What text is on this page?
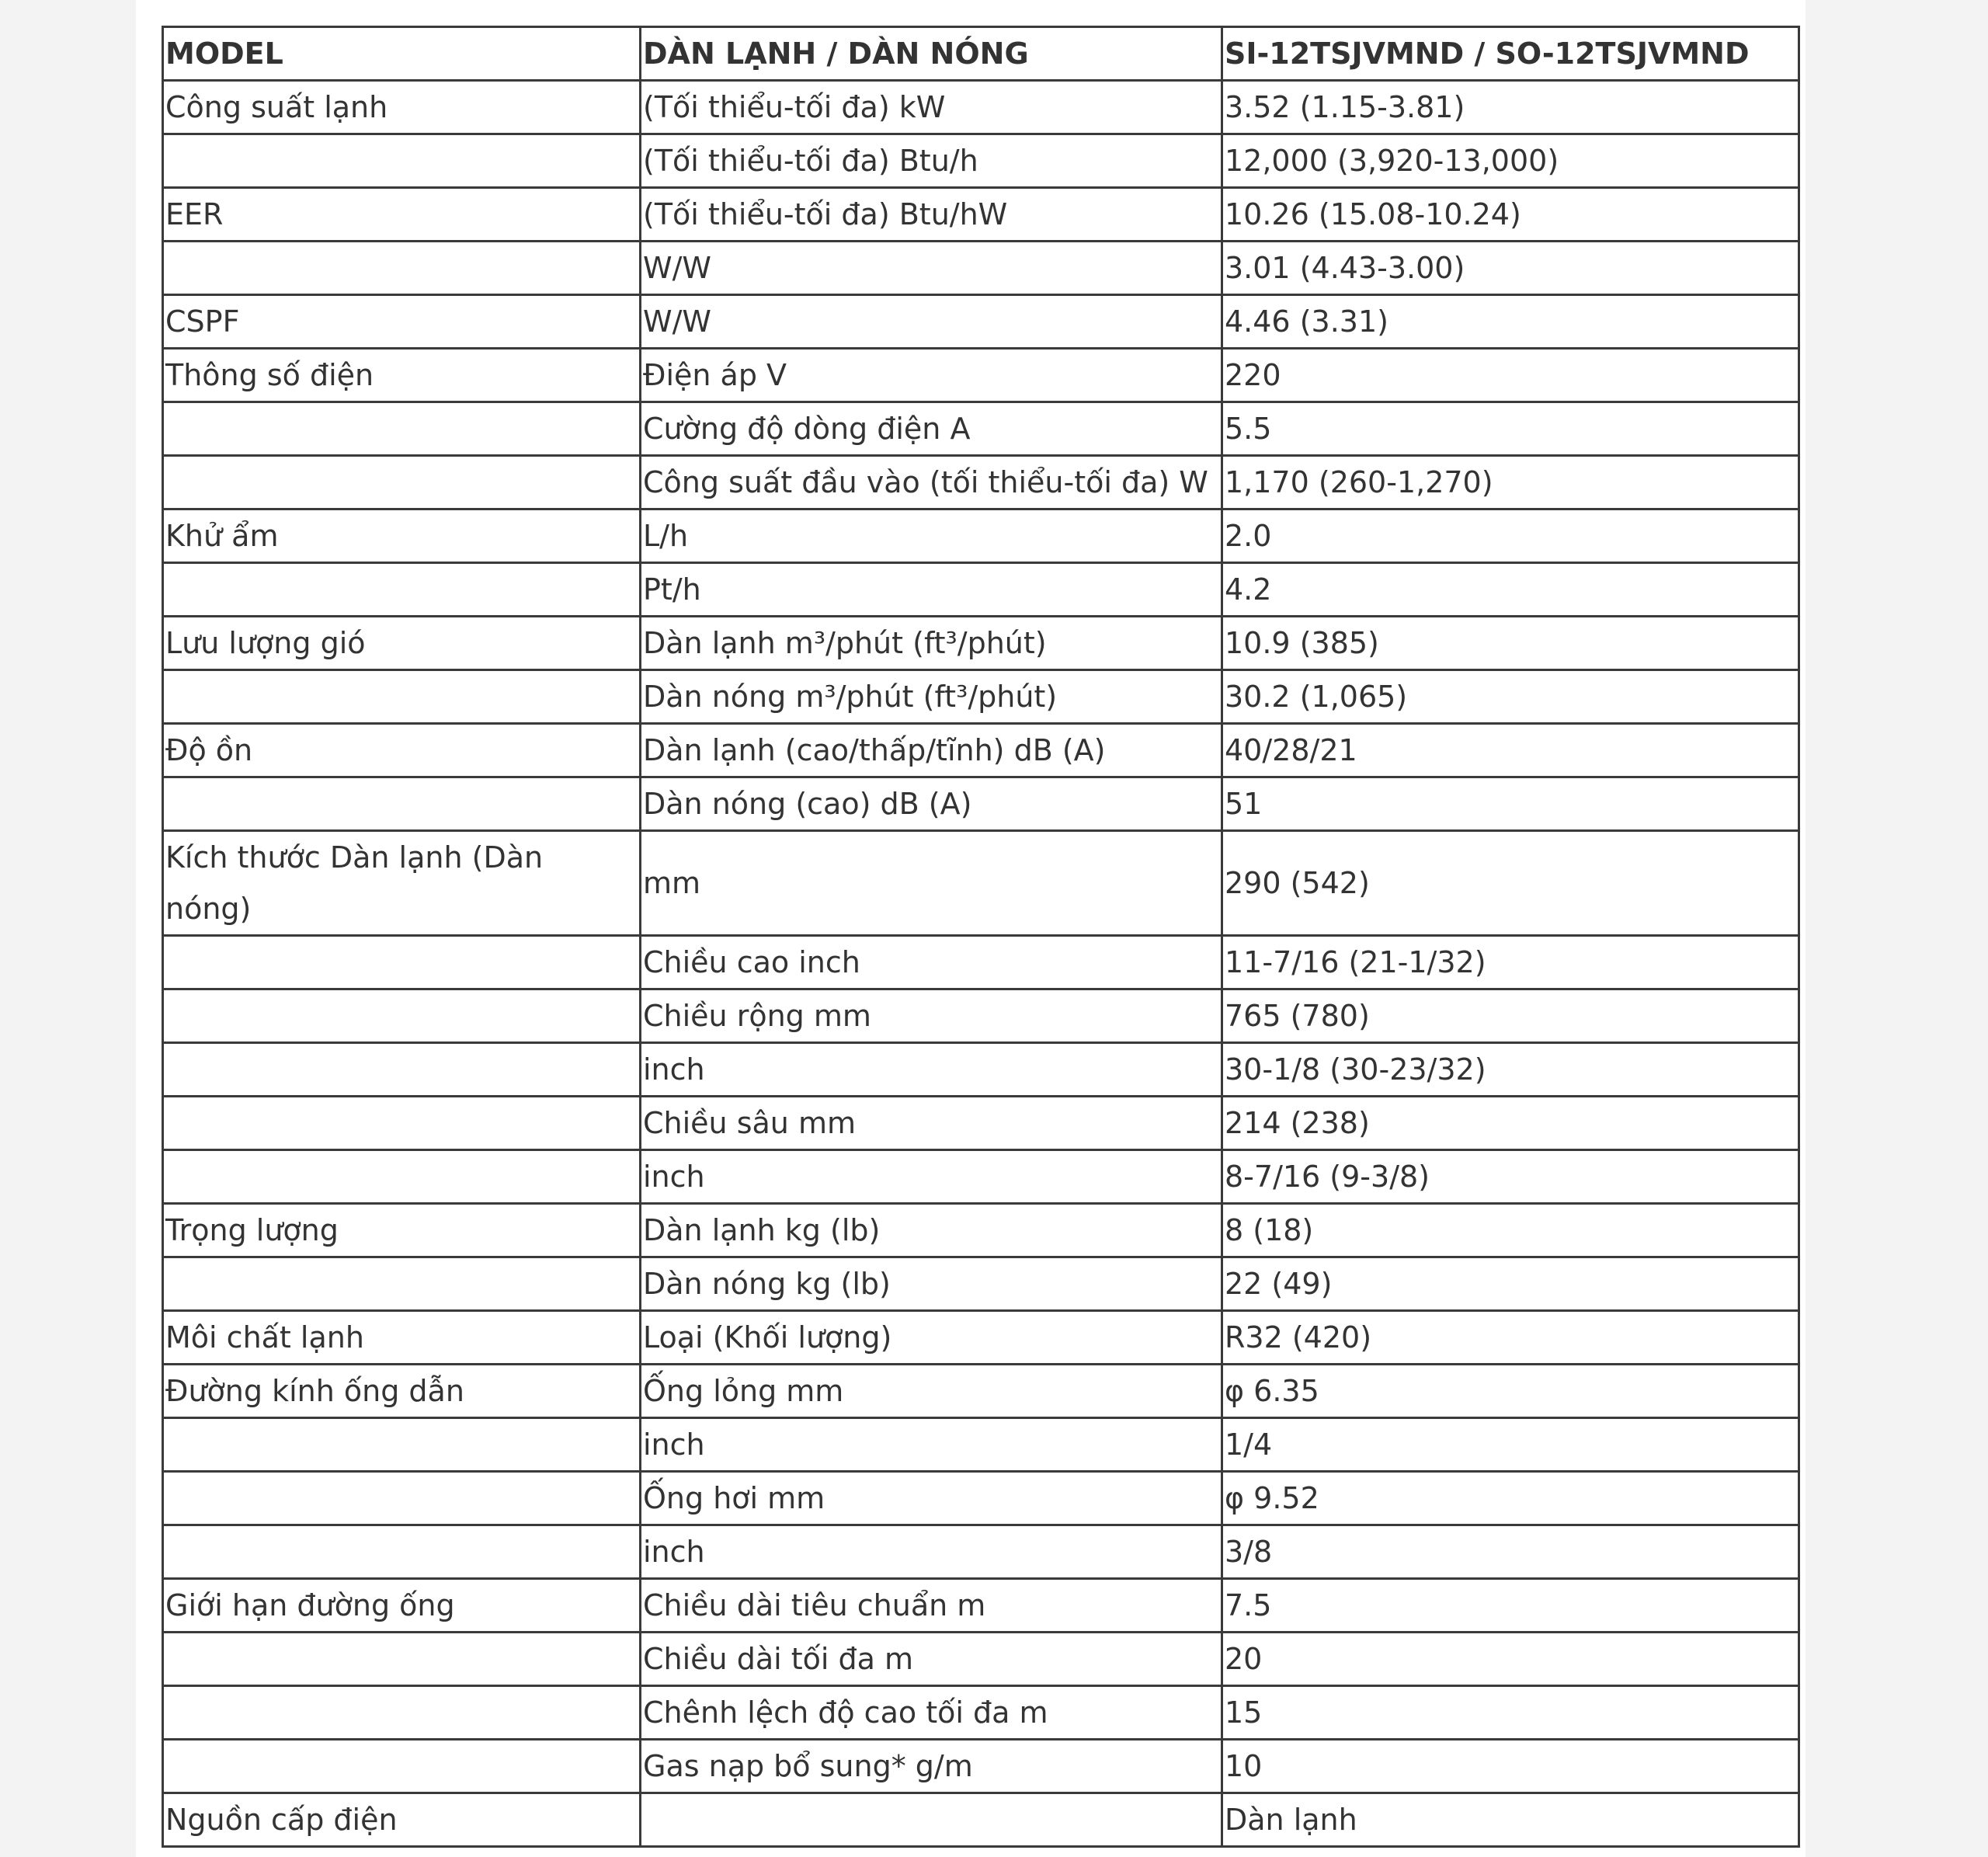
MODEL	DÀN LẠNH / DÀN NÓNG	SI-12TSJVMND / SO-12TSJVMND
Công suất lạnh	(Tối thiểu-tối đa) kW	3.52 (1.15-3.81)
	(Tối thiểu-tối đa) Btu/h	12,000 (3,920-13,000)
EER	(Tối thiểu-tối đa) Btu/hW	10.26 (15.08-10.24)
	W/W	3.01 (4.43-3.00)
CSPF	W/W	4.46 (3.31)
Thông số điện	Điện áp V	220
	Cường độ dòng điện A	5.5
	Công suất đầu vào (tối thiểu-tối đa) W	1,170 (260-1,270)
Khử ẩm	L/h	2.0
	Pt/h	4.2
Lưu lượng gió	Dàn lạnh m³/phút (ft³/phút)	10.9 (385)
	Dàn nóng m³/phút (ft³/phút)	30.2 (1,065)
Độ ồn	Dàn lạnh (cao/thấp/tĩnh) dB (A)	40/28/21
	Dàn nóng (cao) dB (A)	51
Kích thước Dàn lạnh (Dàn nóng)	mm	290 (542)
	Chiều cao inch	11-7/16 (21-1/32)
	Chiều rộng mm	765 (780)
	inch	30-1/8 (30-23/32)
	Chiều sâu mm	214 (238)
	inch	8-7/16 (9-3/8)
Trọng lượng	Dàn lạnh kg (lb)	8 (18)
	Dàn nóng kg (lb)	22 (49)
Môi chất lạnh	Loại (Khối lượng)	R32 (420)
Đường kính ống dẫn	Ống lỏng mm	φ 6.35
	inch	1/4
	Ống hơi mm	φ 9.52
	inch	3/8
Giới hạn đường ống	Chiều dài tiêu chuẩn m	7.5
	Chiều dài tối đa m	20
	Chênh lệch độ cao tối đa m	15
	Gas nạp bổ sung* g/m	10
Nguồn cấp điện		Dàn lạnh
